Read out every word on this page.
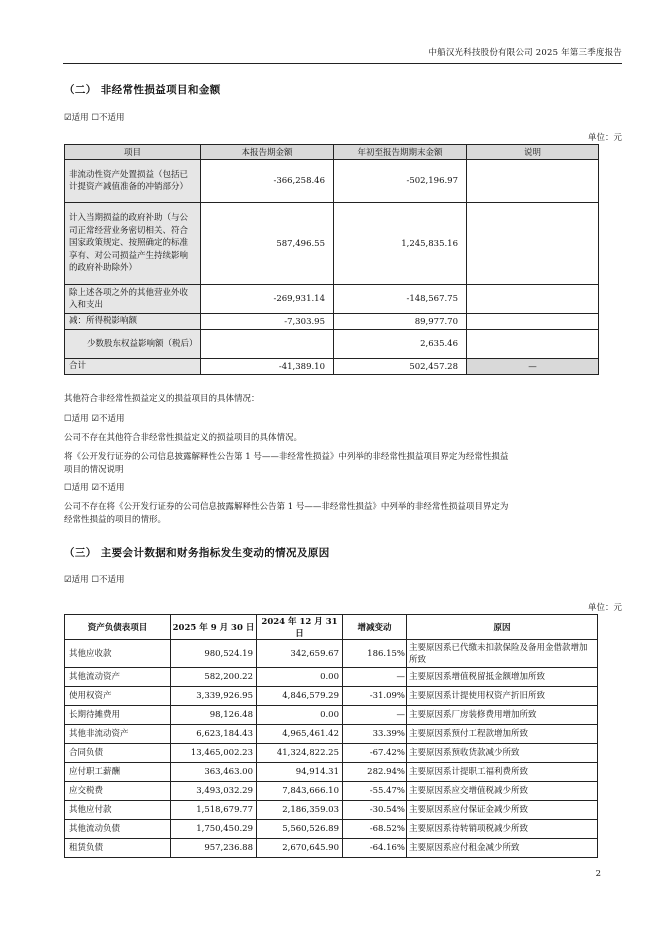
中船汉光科技股份有限公司 2025 年第三季度报告
（二） 非经常性损益项目和金额
☑适用 ☐不适用
单位：元
项目	本报告期金额	年初至报告期期末金额	说明
非流动性资产处置损益（包括已计提资产减值准备的冲销部分）	-366,258.46	-502,196.97	
计入当期损益的政府补助（与公司正常经营业务密切相关、符合国家政策规定、按照确定的标准享有、对公司损益产生持续影响的政府补助除外）	587,496.55	1,245,835.16	
除上述各项之外的其他营业外收入和支出	-269,931.14	-148,567.75	
减：所得税影响额	-7,303.95	89,977.70	
少数股东权益影响额（税后）		2,635.46	
合计	-41,389.10	502,457.28	—
其他符合非经常性损益定义的损益项目的具体情况：
☐适用 ☑不适用
公司不存在其他符合非经常性损益定义的损益项目的具体情况。
将《公开发行证券的公司信息披露解释性公告第 1 号——非经常性损益》中列举的非经常性损益项目界定为经常性损益
项目的情况说明
☐适用 ☑不适用
公司不存在将《公开发行证券的公司信息披露解释性公告第 1 号——非经常性损益》中列举的非经常性损益项目界定为
经常性损益的项目的情形。
（三） 主要会计数据和财务指标发生变动的情况及原因
☑适用 ☐不适用
单位：元
资产负债表项目	2025 年 9 月 30 日	2024 年 12 月 31 日	增减变动	原因
其他应收款	980,524.19	342,659.67	186.15%	主要原因系已代缴未扣款保险及备用金借款增加所致
其他流动资产	582,200.22	0.00	—	主要原因系增值税留抵金额增加所致
使用权资产	3,339,926.95	4,846,579.29	-31.09%	主要原因系计提使用权资产折旧所致
长期待摊费用	98,126.48	0.00	—	主要原因系厂房装修费用增加所致
其他非流动资产	6,623,184.43	4,965,461.42	33.39%	主要原因系预付工程款增加所致
合同负债	13,465,002.23	41,324,822.25	-67.42%	主要原因系预收货款减少所致
应付职工薪酬	363,463.00	94,914.31	282.94%	主要原因系计提职工福利费所致
应交税费	3,493,032.29	7,843,666.10	-55.47%	主要原因系应交增值税减少所致
其他应付款	1,518,679.77	2,186,359.03	-30.54%	主要原因系应付保证金减少所致
其他流动负债	1,750,450.29	5,560,526.89	-68.52%	主要原因系待转销项税减少所致
租赁负债	957,236.88	2,670,645.90	-64.16%	主要原因系应付租金减少所致
2
